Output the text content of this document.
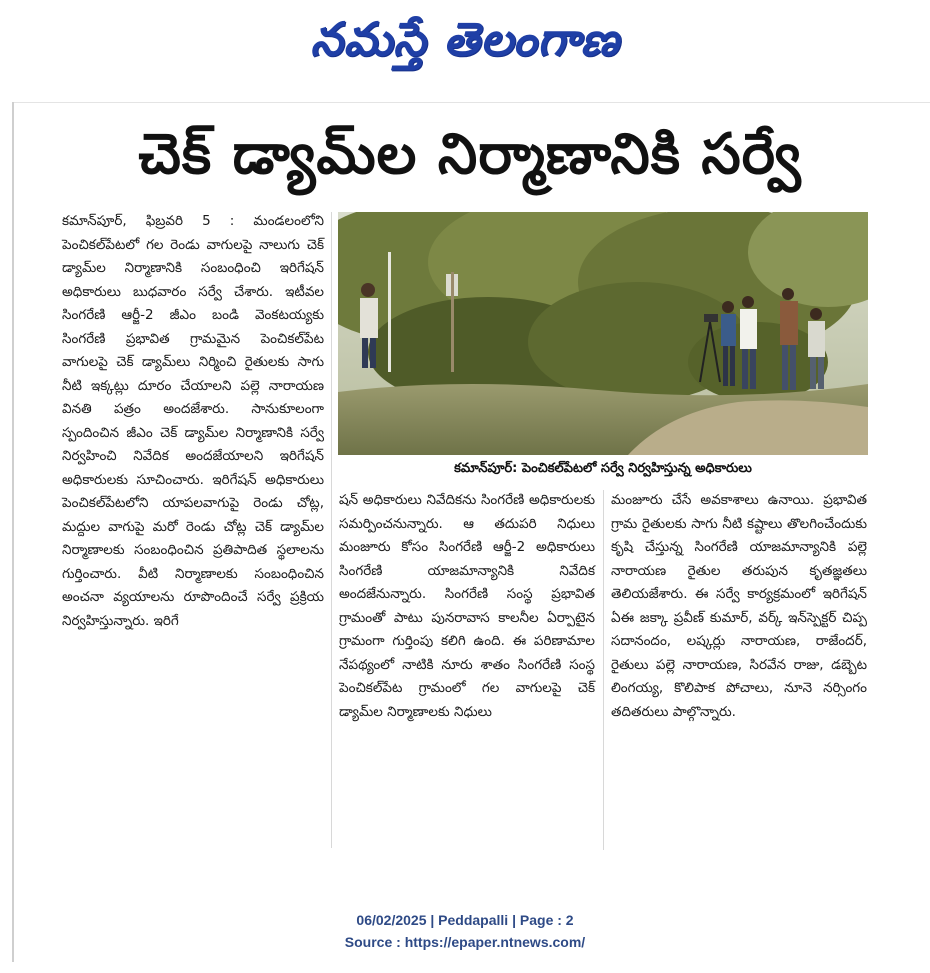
నమస్తే తెలంగాణ
చెక్ డ్యామ్‌ల నిర్మాణానికి సర్వే

కమాన్‌పూర్, ఫిబ్రవరి 5 : మండలంలోని పెంచికల్‌పేటలో గల రెండు వాగులపై నాలుగు చెక్ డ్యామ్‌ల నిర్మాణానికి సంబంధించి ఇరిగేషన్ అధికారులు బుధవారం సర్వే చేశారు. ఇటీవల సింగరేణి ఆర్జీ-2 జీఎం బండి వెంకటయ్యకు సింగరేణి ప్రభావిత గ్రామమైన పెంచికల్‌పేట వాగులపై చెక్ డ్యామ్‌లు నిర్మించి రైతులకు సాగు నీటి ఇక్కట్లు దూరం చేయాలని పల్లె నారాయణ వినతి పత్రం అందజేశారు. సానుకూలంగా స్పందించిన జీఎం చెక్ డ్యామ్‌ల నిర్మాణానికి సర్వే నిర్వహించి నివేదిక అందజేయాలని ఇరిగేషన్ అధికారులకు సూచించారు. ఇరిగేషన్ అధికారులు పెంచికల్‌పేటలోని యాపలవాగుపై రెండు చోట్ల, మద్దుల వాగుపై మరో రెండు చోట్ల చెక్ డ్యామ్‌ల నిర్మాణాలకు సంబంధించిన ప్రతిపాదిత స్థలాలను గుర్తించారు. వీటి నిర్మాణాలకు సంబంధించిన అంచనా వ్యయాలను రూపొందించే సర్వే ప్రక్రియ నిర్వహిస్తున్నారు. ఇరిగే

కమాన్‌పూర్: పెంచికల్‌పేటలో సర్వే నిర్వహిస్తున్న అధికారులు

షన్ అధికారులు నివేదికను సింగరేణి అధికారులకు సమర్పించనున్నారు. ఆ తదుపరి నిధులు మంజూరు కోసం సింగరేణి ఆర్జీ-2 అధికారులు సింగరేణి యాజమాన్యానికి నివేదిక అందజేనున్నారు. సింగరేణి సంస్థ ప్రభావిత గ్రామంతో పాటు పునరావాస కాలనీల ఏర్పాటైన గ్రామంగా గుర్తింపు కలిగి ఉంది. ఈ పరిణామాల నేపథ్యంలో నాటికి నూరు శాతం సింగరేణి సంస్థ పెంచికల్‌పేట గ్రామంలో గల వాగులపై చెక్ డ్యామ్‌ల నిర్మాణాలకు నిధులు

మంజూరు చేసే అవకాశాలు ఉనాయి. ప్రభావిత గ్రామ రైతులకు సాగు నీటి కష్టాలు తొలగించేందుకు కృషి చేస్తున్న సింగరేణి యాజమాన్యానికి పల్లె నారాయణ రైతుల తరుపున కృతజ్ఞతలు తెలియజేశారు. ఈ సర్వే కార్యక్రమంలో ఇరిగేషన్ ఏఈ జక్కా ప్రవీణ్ కుమార్, వర్క్ ఇన్‌స్పెక్టర్ చిప్ప సదానందం, లష్కర్లు నారాయణ, రాజేందర్, రైతులు పల్లె నారాయణ, సిరవేన రాజు, డబ్బెట లింగయ్య, కొలిపాక పోచాలు, నూనె నర్సింగం తదితరులు పాల్గొన్నారు.

06/02/2025 | Peddapalli | Page : 2
Source : https://epaper.ntnews.com/
